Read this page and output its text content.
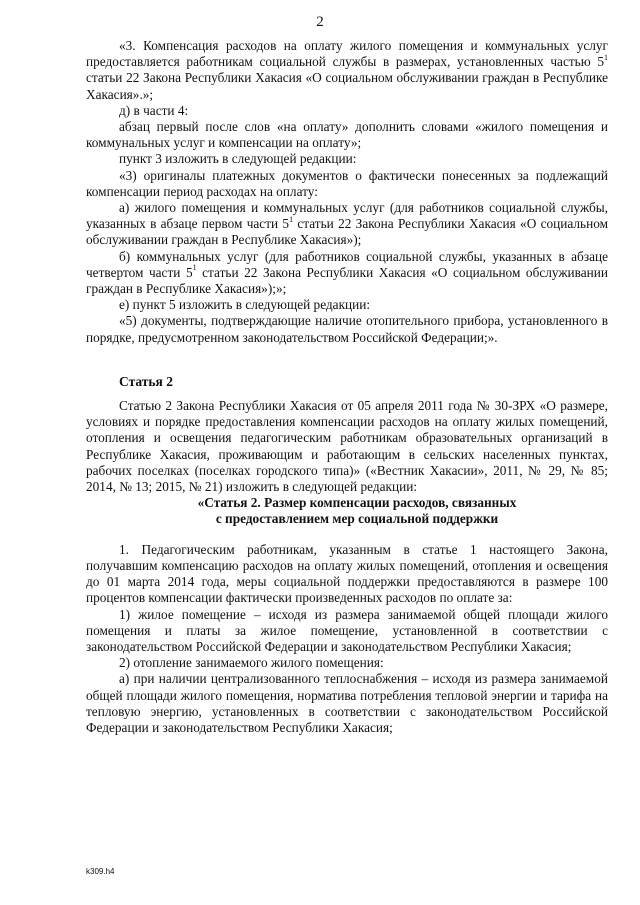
2

«3. Компенсация расходов на оплату жилого помещения и коммунальных услуг предоставляется работникам социальной службы в размерах, установленных частью $5^1$ статьи 22 Закона Республики Хакасия «О социальном обслуживании граждан в Республике Хакасия».»;

д) в части 4:

абзац первый после слов «на оплату» дополнить словами «жилого помещения и коммунальных услуг и компенсации на оплату»;

пункт 3 изложить в следующей редакции:

«3) оригиналы платежных документов о фактически понесенных за подлежащий компенсации период расходах на оплату:

а) жилого помещения и коммунальных услуг (для работников социальной службы, указанных в абзаце первом части $5^1$ статьи 22 Закона Республики Хакасия «О социальном обслуживании граждан в Республике Хакасия»);

б) коммунальных услуг (для работников социальной службы, указанных в абзаце четвертом части $5^1$ статьи 22 Закона Республики Хакасия «О социальном обслуживании граждан в Республике Хакасия»);»;

е) пункт 5 изложить в следующей редакции:

«5) документы, подтверждающие наличие отопительного прибора, установленного в порядке, предусмотренном законодательством Российской Федерации;».

Статья 2

Статью 2 Закона Республики Хакасия от 05 апреля 2011 года № 30-ЗРХ «О размере, условиях и порядке предоставления компенсации расходов на оплату жилых помещений, отопления и освещения педагогическим работникам образовательных организаций в Республике Хакасия, проживающим и работающим в сельских населенных пунктах, рабочих поселках (поселках городского типа)» («Вестник Хакасии», 2011, № 29, № 85; 2014, № 13; 2015, № 21) изложить в следующей редакции:

«Статья 2. Размер компенсации расходов, связанных
с предоставлением мер социальной поддержки

1. Педагогическим работникам, указанным в статье 1 настоящего Закона, получавшим компенсацию расходов на оплату жилых помещений, отопления и освещения до 01 марта 2014 года, меры социальной поддержки предоставляются в размере 100 процентов компенсации фактически произведенных расходов по оплате за:

1) жилое помещение – исходя из размера занимаемой общей площади жилого помещения и платы за жилое помещение, установленной в соответствии с законодательством Российской Федерации и законодательством Республики Хакасия;

2) отопление занимаемого жилого помещения:

а) при наличии централизованного теплоснабжения – исходя из размера занимаемой общей площади жилого помещения, норматива потребления тепловой энергии и тарифа на тепловую энергию, установленных в соответствии с законодательством Российской Федерации и законодательством Республики Хакасия;

k309.h4
